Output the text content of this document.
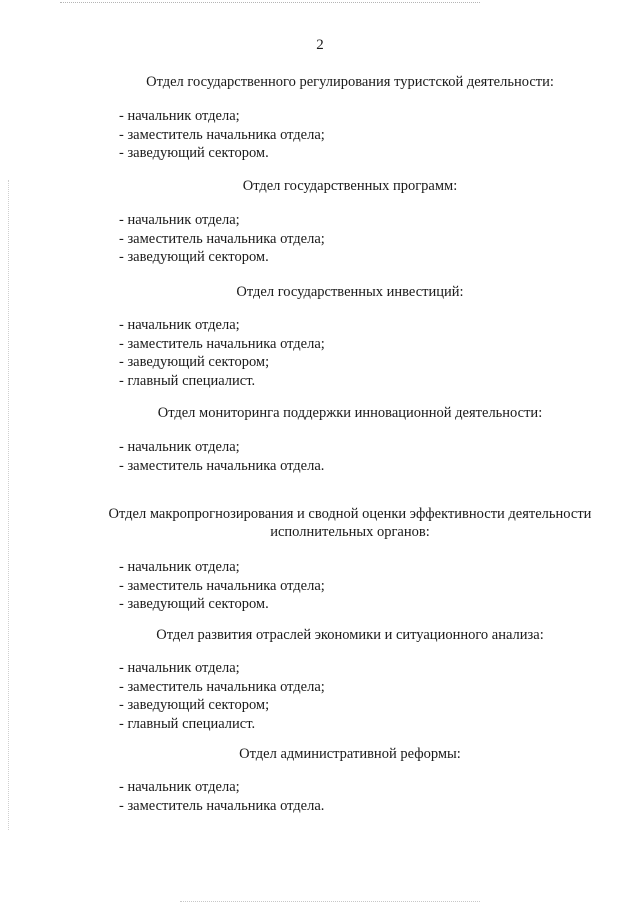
2
Отдел государственного регулирования туристской деятельности:
- начальник отдела;
- заместитель начальника отдела;
- заведующий сектором.
Отдел государственных программ:
- начальник отдела;
- заместитель начальника отдела;
- заведующий сектором.
Отдел государственных инвестиций:
- начальник отдела;
- заместитель начальника отдела;
- заведующий сектором;
- главный специалист.
Отдел мониторинга поддержки инновационной деятельности:
- начальник отдела;
- заместитель начальника отдела.
Отдел макропрогнозирования и сводной оценки эффективности деятельности
исполнительных органов:
- начальник отдела;
- заместитель начальника отдела;
- заведующий сектором.
Отдел развития отраслей экономики и ситуационного анализа:
- начальник отдела;
- заместитель начальника отдела;
- заведующий сектором;
- главный специалист.
Отдел административной реформы:
- начальник отдела;
- заместитель начальника отдела.
